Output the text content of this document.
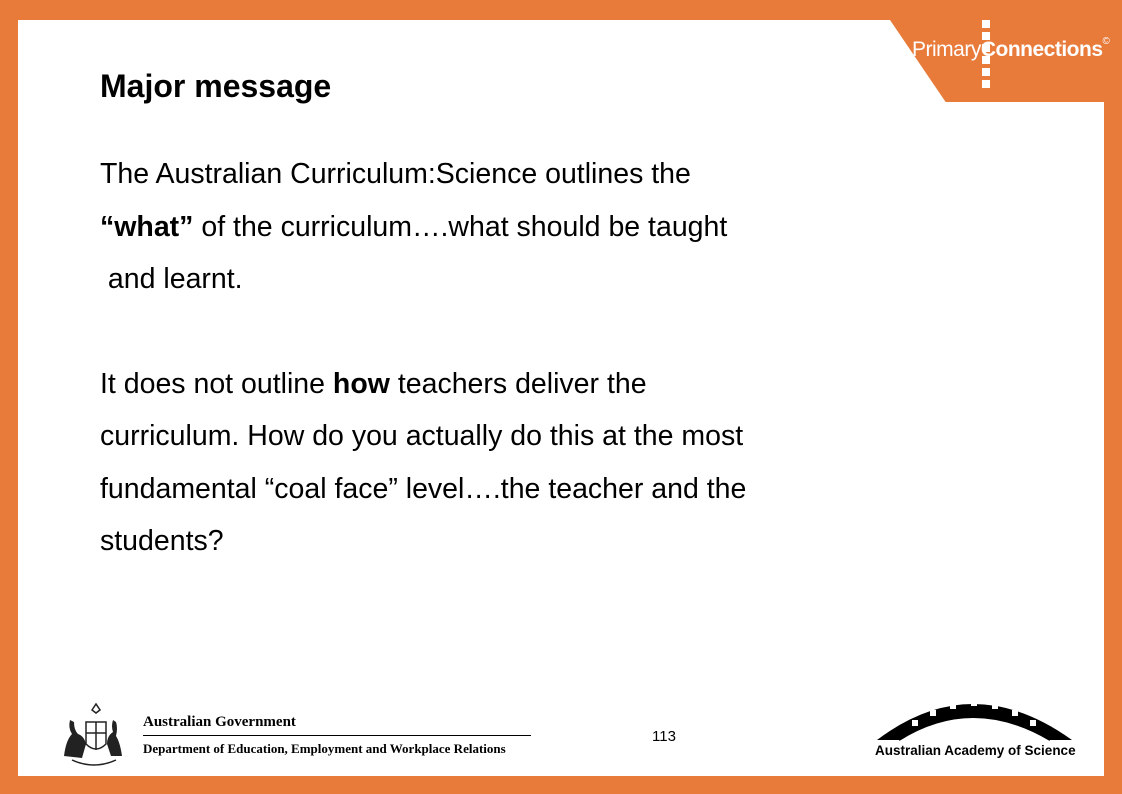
PrimaryConnections©
Major message

The Australian Curriculum:Science outlines the
“what” of the curriculum….what should be taught
and learnt.

It does not outline how teachers deliver the
curriculum. How do you actually do this at the most
fundamental “coal face” level….the teacher and the
students?

113
Australian Government
Department of Education, Employment and Workplace Relations	Australian Academy of Science
